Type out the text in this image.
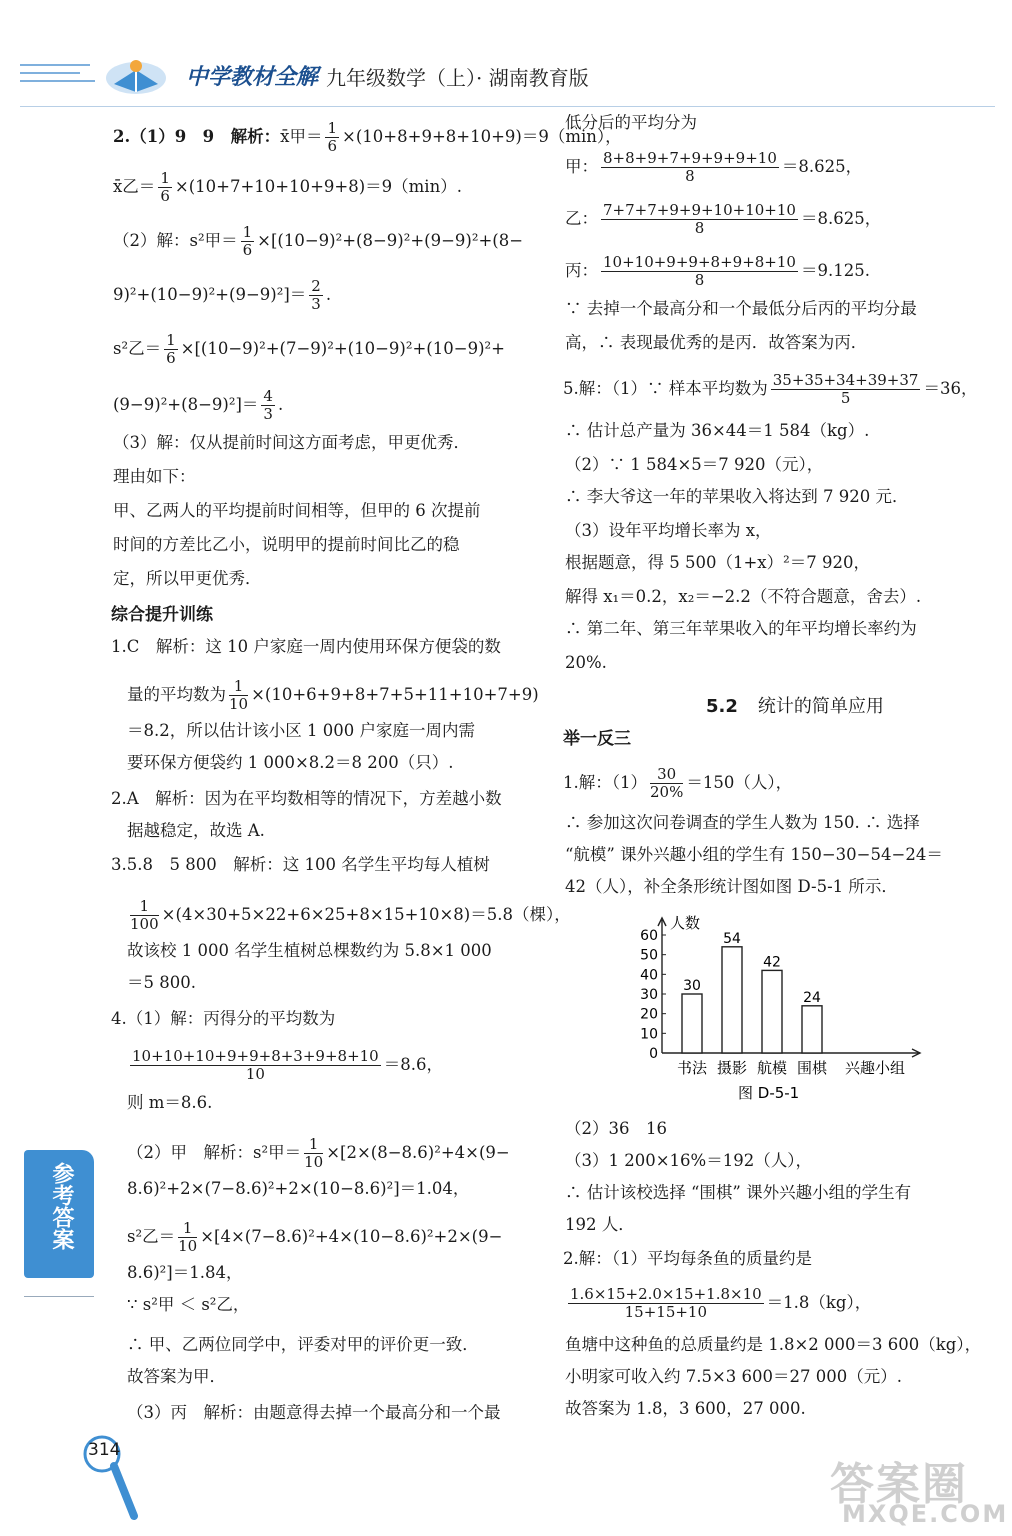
中学教材全解 九年级数学（上）· 湖南教育版
2.（1）9　9　解析：x̄甲＝ $\frac{1}{6} \times(10+8+9+8+10+9)=9(\min)$，
x̄乙＝ $\frac{1}{6} \times(10+7+10+10+9+8)=9(\min)$.
（2）解：s²甲＝ $\frac{1}{6} \times[(10-9)^2+(8-9)^2+(9-9)^2+(8-$
$9)^2+(10-9)^2+(9-9)^2]= \frac{2}{3}$ .
s²乙＝ $\frac{1}{6} \times[(10-9)^2+(7-9)^2+(10-9)^2+(10-9)^2+$
$(9-9)^2+(8-9)^2]= \frac{4}{3}$ .
（3）解：仅从提前时间这方面考虑，甲更优秀．
理由如下：
甲、乙两人的平均提前时间相等，但甲的 6 次提前
时间的方差比乙小，说明甲的提前时间比乙的稳
定，所以甲更优秀．
综合提升训练
1.C　解析：这 10 户家庭一周内使用环保方便袋的数
量的平均数为 $\frac{1}{10} \times(10+6+9+8+7+5+11+10+7+9)$
＝8.2，所以估计该小区 1 000 户家庭一周内需
要环保方便袋约 1 000×8.2＝8 200（只）.
2.A　解析：因为在平均数相等的情况下，方差越小数
据越稳定，故选 A.
3.5.8　5 800　解析：这 100 名学生平均每人植树
$\frac{1}{100} \times(4\times 30+5\times 22+6\times 25+8\times 15+10\times 8)=5.8$（棵），
故该校 1 000 名学生植树总棵数约为 5.8×1 000
＝5 800.
4.（1）解：丙得分的平均数为
$\frac{10+10+10+9+9+8+3+9+8+10}{10} =8.6$，
则 m＝8.6.
（2）甲　解析：s²甲＝ $\frac{1}{10} \times[2\times(8-8.6)^2+4\times(9-$
8.6)²+2×(7−8.6)²+2×(10−8.6)²]＝1.04，
s²乙＝ $\frac{1}{10} \times[4\times(7-8.6)^2+4\times(10-8.6)^2+2\times(9-$
8.6)²]＝1.84，
∵ s²甲 ＜ s²乙，
∴ 甲、乙两位同学中，评委对甲的评价更一致．
故答案为甲．
（3）丙　解析：由题意得去掉一个最高分和一个最
低分后的平均分为
甲： $\frac{8+8+9+7+9+9+9+10}{8} =8.625$，
乙： $\frac{7+7+7+9+9+10+10+10}{8} =8.625$，
丙： $\frac{10+10+9+9+8+9+8+10}{8} =9.125$.
∵ 去掉一个最高分和一个最低分后丙的平均分最
高，∴ 表现最优秀的是丙．故答案为丙．
5.解：（1）∵ 样本平均数为 $\frac{35+35+34+39+37}{5} =36$，
∴ 估计总产量为 36×44＝1 584（kg）.
（2）∵ 1 584×5＝7 920（元），
∴ 李大爷这一年的苹果收入将达到 7 920 元．
（3）设年平均增长率为 x，
根据题意，得 5 500（1+x）²＝7 920，
解得 x₁＝0.2，x₂＝−2.2（不符合题意，舍去）.
∴ 第二年、第三年苹果收入的年平均增长率约为
20%.
5.2 统计的简单应用
举一反三
1.解：$(1) \frac{30}{20\%} =150$（人），
∴ 参加这次问卷调查的学生人数为 150. ∴ 选择
“航模” 课外兴趣小组的学生有 150−30−54−24＝
42（人），补全条形统计图如图 D-5-1 所示．
（2）36　16
（3）1 200×16%＝192（人），
∴ 估计该校选择 “围棋” 课外兴趣小组的学生有
192 人．
2.解：（1）平均每条鱼的质量约是
$\frac{1.6\times 15+2.0\times 15+1.8\times 10}{15+15+10} =1.8(kg)$，
鱼塘中这种鱼的总质量约是 1.8×2 000＝3 600（kg），
小明家可收入约 7.5×3 600＝27 000（元）.
故答案为 1.8，3 600，27 000.
0
10
20
30
40
50
60
30
书法
54
摄影
42
航模
24
围棋
人数
兴趣小组
图 D-5-1
参考答案
314
答案圈
MXQE.COM
